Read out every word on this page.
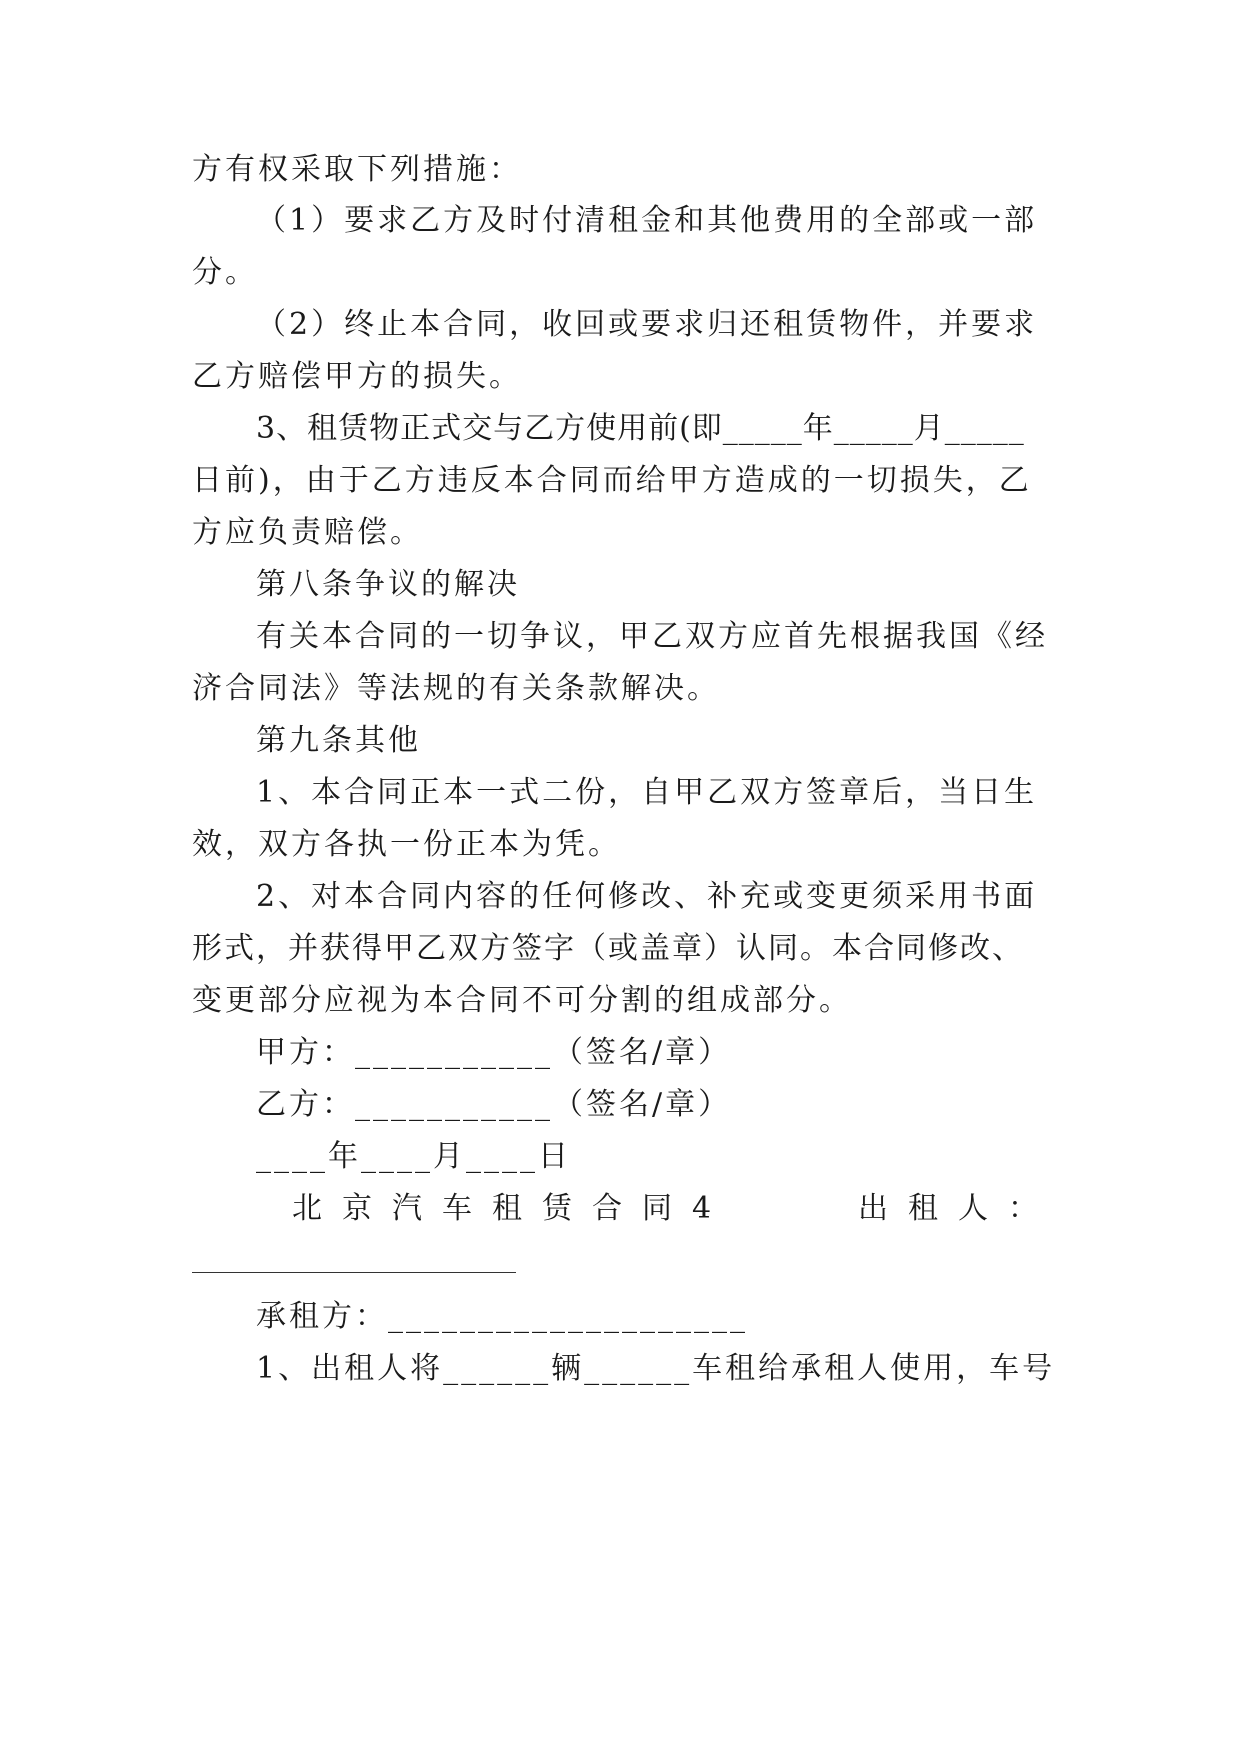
方有权采取下列措施：
（1）要求乙方及时付清租金和其他费用的全部或一部
分。
（2）终止本合同，收回或要求归还租赁物件，并要求
乙方赔偿甲方的损失。
3、租赁物正式交与乙方使用前(即_____年_____月_____
日前)，由于乙方违反本合同而给甲方造成的一切损失，乙
方应负责赔偿。
第八条争议的解决
有关本合同的一切争议，甲乙双方应首先根据我国《经
济合同法》等法规的有关条款解决。
第九条其他
1、本合同正本一式二份，自甲乙双方签章后，当日生
效，双方各执一份正本为凭。
2、对本合同内容的任何修改、补充或变更须采用书面
形式，并获得甲乙双方签字（或盖章）认同。本合同修改、
变更部分应视为本合同不可分割的组成部分。
甲方：___________（签名/章）
乙方：___________（签名/章）
____年____月____日
北京汽车租赁合同4	出租人：
承租方：____________________
1、出租人将______辆______车租给承租人使用，车号
